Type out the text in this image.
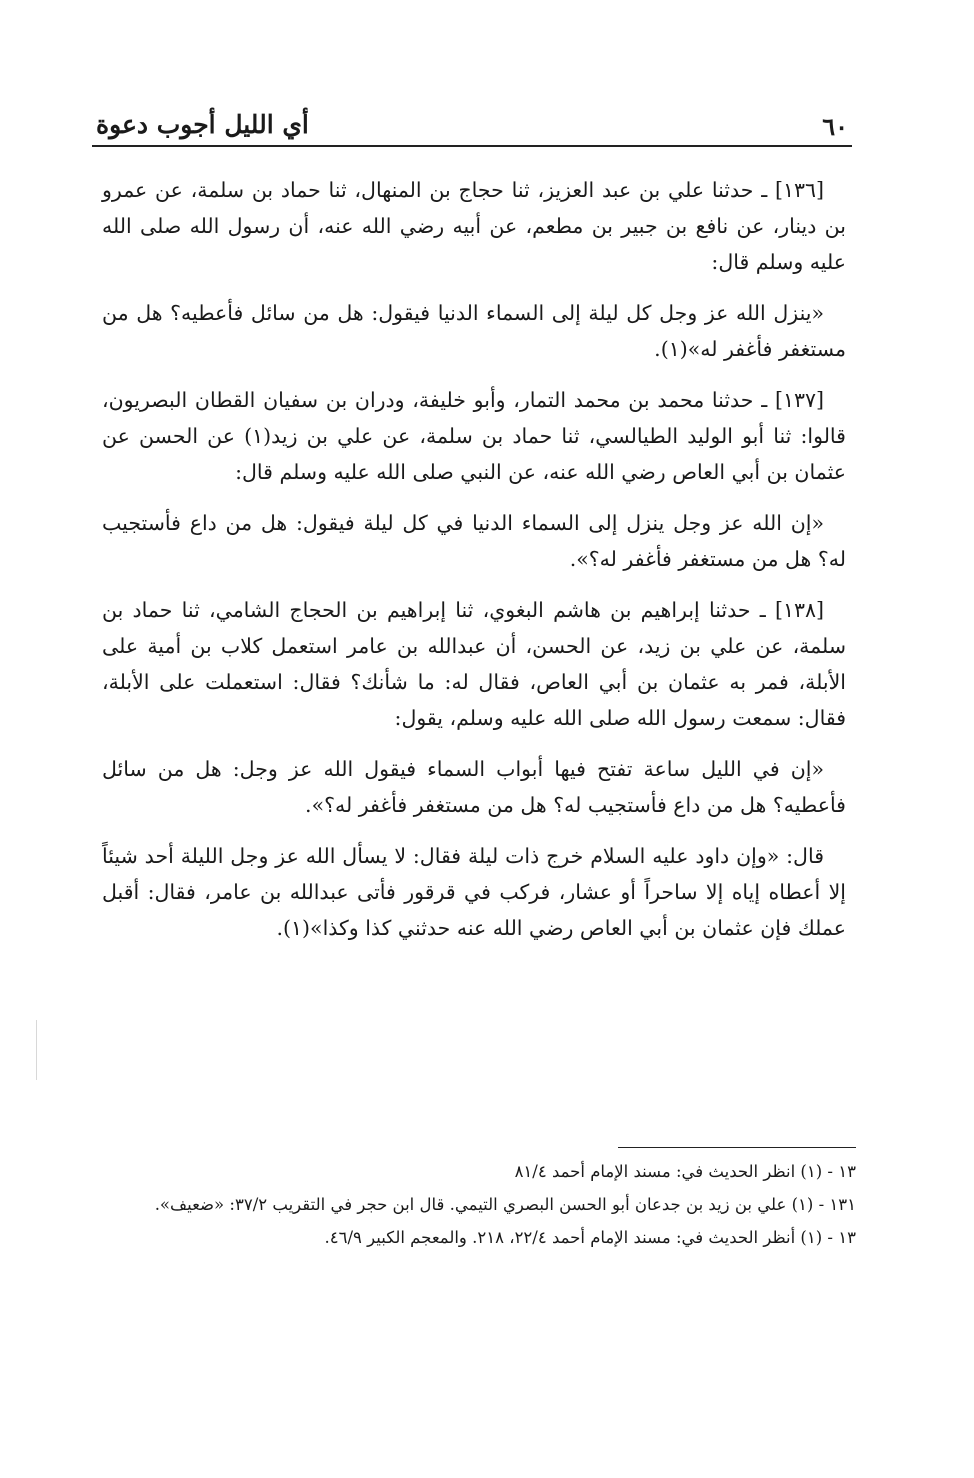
٦٠
أي الليل أجوب دعوة

[١٣٦] ـ حدثنا علي بن عبد العزيز، ثنا حجاج بن المنهال، ثنا حماد بن سلمة، عن عمرو بن دينار، عن نافع بن جبير بن مطعم، عن أبيه رضي الله عنه، أن رسول الله صلى الله عليه وسلم قال:

«ينزل الله عز وجل كل ليلة إلى السماء الدنيا فيقول: هل من سائل فأعطيه؟ هل من مستغفر فأغفر له»(١).

[١٣٧] ـ حدثنا محمد بن محمد التمار، وأبو خليفة، ودران بن سفيان القطان البصريون، قالوا: ثنا أبو الوليد الطيالسي، ثنا حماد بن سلمة، عن علي بن زيد(١) عن الحسن عن عثمان بن أبي العاص رضي الله عنه، عن النبي صلى الله عليه وسلم قال:

«إن الله عز وجل ينزل إلى السماء الدنيا في كل ليلة فيقول: هل من داع فأستجيب له؟ هل من مستغفر فأغفر له؟».

[١٣٨] ـ حدثنا إبراهيم بن هاشم البغوي، ثنا إبراهيم بن الحجاج الشامي، ثنا حماد بن سلمة، عن علي بن زيد، عن الحسن، أن عبدالله بن عامر استعمل كلاب بن أمية على الأبلة، فمر به عثمان بن أبي العاص، فقال له: ما شأنك؟ فقال: استعملت على الأبلة، فقال: سمعت رسول الله صلى الله عليه وسلم، يقول:

«إن في الليل ساعة تفتح فيها أبواب السماء فيقول الله عز وجل: هل من سائل فأعطيه؟ هل من داع فأستجيب له؟ هل من مستغفر فأغفر له؟».

قال: «وإن داود عليه السلام خرج ذات ليلة فقال: لا يسأل الله عز وجل الليلة أحد شيئاً إلا أعطاه إياه إلا ساحراً أو عشار، فركب في قرقور فأتى عبدالله بن عامر، فقال: أقبل عملك فإن عثمان بن أبي العاص رضي الله عنه حدثني كذا وكذا»(١).

١٣ - (١) انظر الحديث في: مسند الإمام أحمد ٨١/٤

١٣١ - (١) علي بن زيد بن جدعان أبو الحسن البصري التيمي. قال ابن حجر في التقريب ٣٧/٢: «ضعيف».

١٣ - (١) أنظر الحديث في: مسند الإمام أحمد ٢٢/٤، ٢١٨. والمعجم الكبير ٤٦/٩.
